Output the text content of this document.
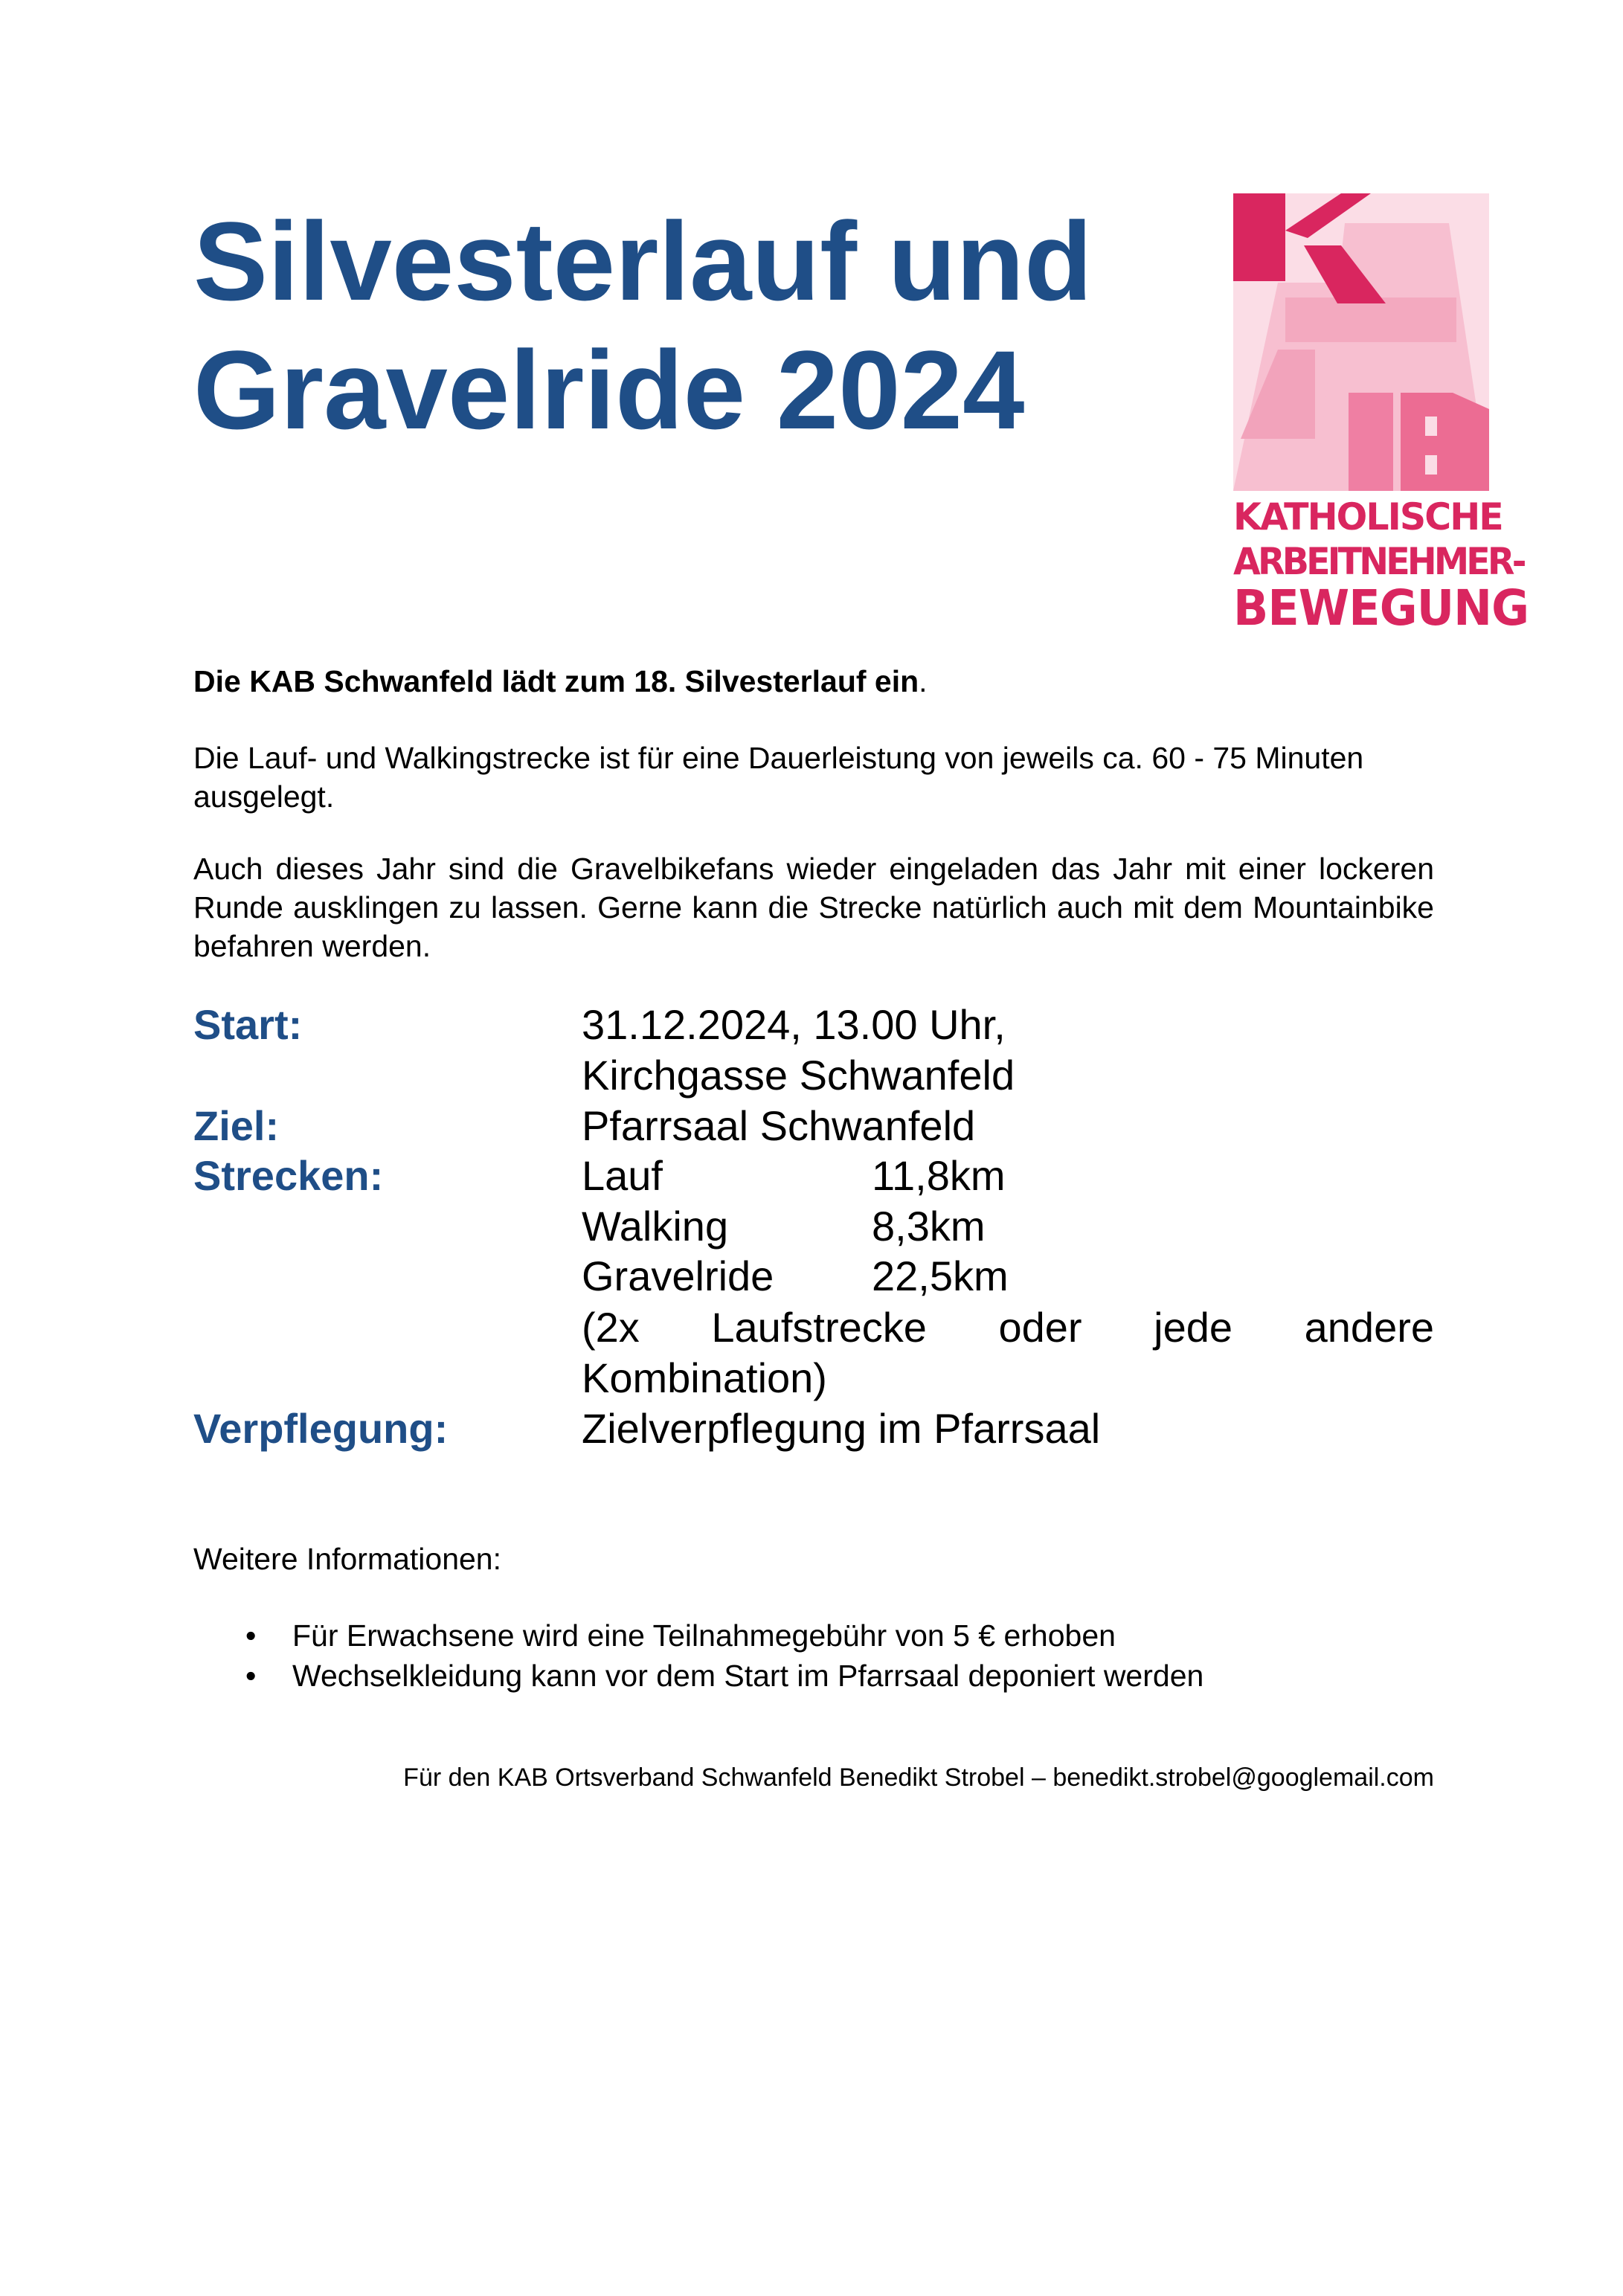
Silvesterlauf und
Gravelride 2024
KATHOLISCHE
ARBEITNEHMER-
BEWEGUNG

Die KAB Schwanfeld lädt zum 18. Silvesterlauf ein.

Die Lauf- und Walkingstrecke ist für eine Dauerleistung von jeweils ca. 60 - 75 Minuten ausgelegt.

Auch dieses Jahr sind die Gravelbikefans wieder eingeladen das Jahr mit einer lockeren Runde ausklingen zu lassen. Gerne kann die Strecke natürlich auch mit dem Mountainbike befahren werden.

Start:	31.12.2024, 13.00 Uhr,

Kirchgasse Schwanfeld

Ziel:	Pfarrsaal Schwanfeld

Strecken:	Lauf	11,8km

Walking	8,3km

Gravelride 22,5km

(2x Laufstrecke oder jede andere

Kombination)

Verpflegung:	Zielverpflegung im Pfarrsaal

Weitere Informationen:

• Für Erwachsene wird eine Teilnahmegebühr von 5 € erhoben
• Wechselkleidung kann vor dem Start im Pfarrsaal deponiert werden

Für den KAB Ortsverband Schwanfeld Benedikt Strobel – benedikt.strobel@googlemail.com
